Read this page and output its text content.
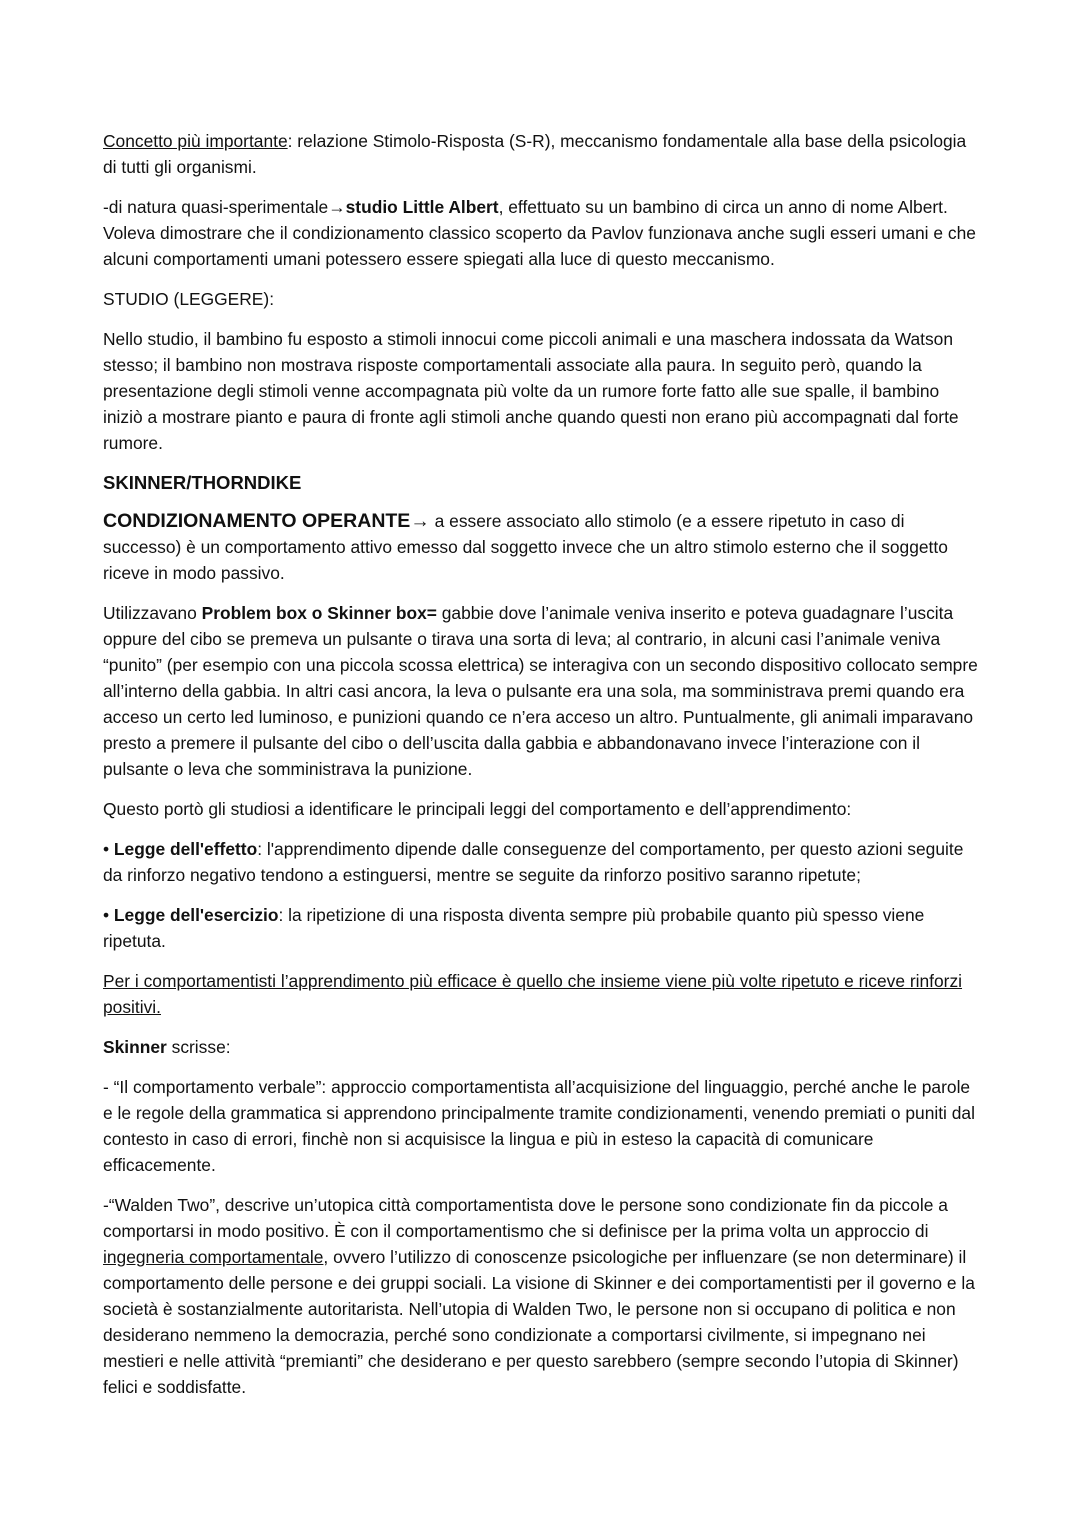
Concetto più importante: relazione Stimolo-Risposta (S-R), meccanismo fondamentale alla base della psicologia di tutti gli organismi.

-di natura quasi-sperimentale→studio Little Albert, effettuato su un bambino di circa un anno di nome Albert. Voleva dimostrare che il condizionamento classico scoperto da Pavlov funzionava anche sugli esseri umani e che alcuni comportamenti umani potessero essere spiegati alla luce di questo meccanismo.

STUDIO (LEGGERE):

Nello studio, il bambino fu esposto a stimoli innocui come piccoli animali e una maschera indossata da Watson stesso; il bambino non mostrava risposte comportamentali associate alla paura. In seguito però, quando la presentazione degli stimoli venne accompagnata più volte da un rumore forte fatto alle sue spalle, il bambino iniziò a mostrare pianto e paura di fronte agli stimoli anche quando questi non erano più accompagnati dal forte rumore.

SKINNER/THORNDIKE

CONDIZIONAMENTO OPERANTE→ a essere associato allo stimolo (e a essere ripetuto in caso di successo) è un comportamento attivo emesso dal soggetto invece che un altro stimolo esterno che il soggetto riceve in modo passivo.

Utilizzavano Problem box o Skinner box= gabbie dove l’animale veniva inserito e poteva guadagnare l’uscita oppure del cibo se premeva un pulsante o tirava una sorta di leva; al contrario, in alcuni casi l’animale veniva “punito” (per esempio con una piccola scossa elettrica) se interagiva con un secondo dispositivo collocato sempre all’interno della gabbia. In altri casi ancora, la leva o pulsante era una sola, ma somministrava premi quando era acceso un certo led luminoso, e punizioni quando ce n’era acceso un altro. Puntualmente, gli animali imparavano presto a premere il pulsante del cibo o dell’uscita dalla gabbia e abbandonavano invece l’interazione con il pulsante o leva che somministrava la punizione.

Questo portò gli studiosi a identificare le principali leggi del comportamento e dell’apprendimento:

• Legge dell'effetto: l'apprendimento dipende dalle conseguenze del comportamento, per questo azioni seguite da rinforzo negativo tendono a estinguersi, mentre se seguite da rinforzo positivo saranno ripetute;

• Legge dell'esercizio: la ripetizione di una risposta diventa sempre più probabile quanto più spesso viene ripetuta.

Per i comportamentisti l’apprendimento più efficace è quello che insieme viene più volte ripetuto e riceve rinforzi positivi.

Skinner scrisse:

- “Il comportamento verbale”: approccio comportamentista all’acquisizione del linguaggio, perché anche le parole e le regole della grammatica si apprendono principalmente tramite condizionamenti, venendo premiati o puniti dal contesto in caso di errori, finchè non si acquisisce la lingua e più in esteso la capacità di comunicare efficacemente.

-“Walden Two”, descrive un’utopica città comportamentista dove le persone sono condizionate fin da piccole a comportarsi in modo positivo. È con il comportamentismo che si definisce per la prima volta un approccio di ingegneria comportamentale, ovvero l’utilizzo di conoscenze psicologiche per influenzare (se non determinare) il comportamento delle persone e dei gruppi sociali. La visione di Skinner e dei comportamentisti per il governo e la società è sostanzialmente autoritarista. Nell’utopia di Walden Two, le persone non si occupano di politica e non desiderano nemmeno la democrazia, perché sono condizionate a comportarsi civilmente, si impegnano nei mestieri e nelle attività “premianti” che desiderano e per questo sarebbero (sempre secondo l’utopia di Skinner) felici e soddisfatte.
